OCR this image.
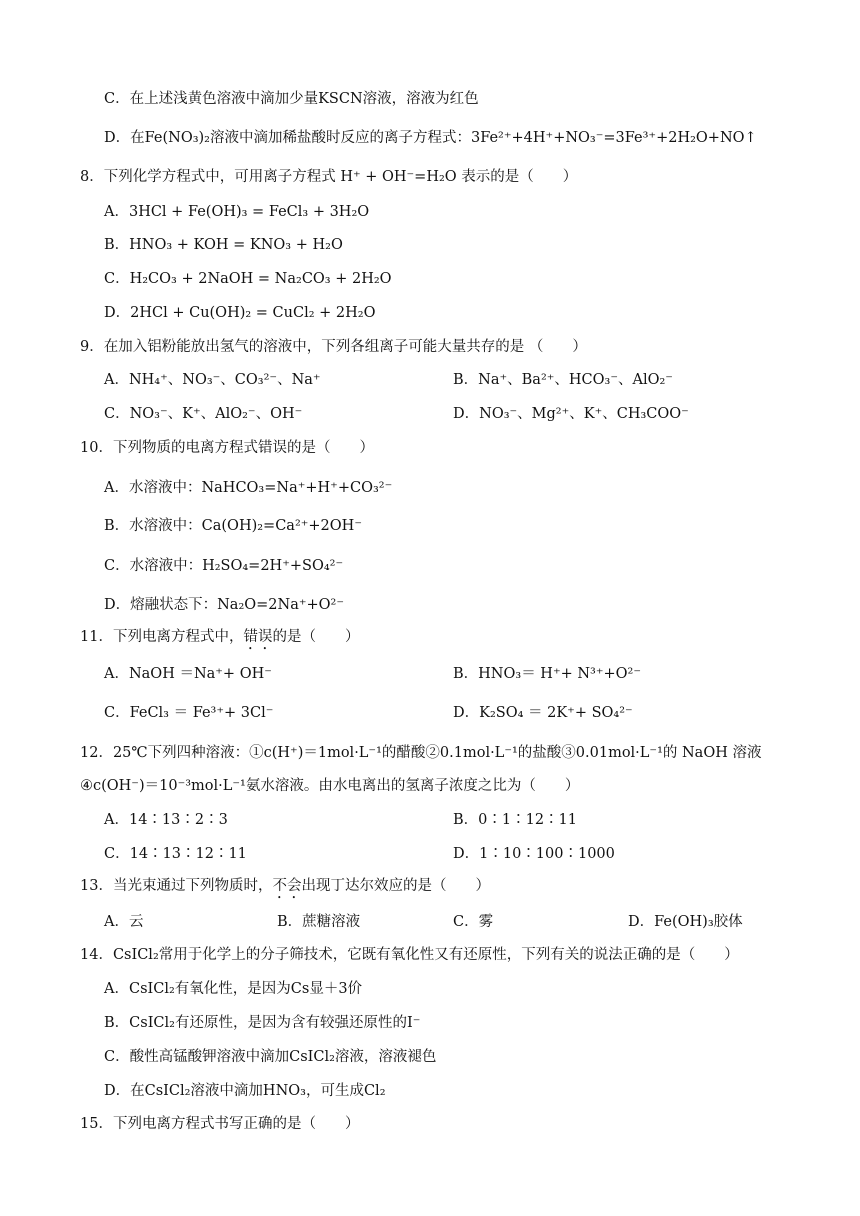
C．在上述浅黄色溶液中滴加少量KSCN溶液，溶液为红色
D．在Fe(NO₃)₂溶液中滴加稀盐酸时反应的离子方程式：3Fe²⁺+4H⁺+NO₃⁻=3Fe³⁺+2H₂O+NO↑
8．下列化学方程式中，可用离子方程式 H⁺ + OH⁻=H₂O 表示的是（　　）
A．3HCl + Fe(OH)₃ = FeCl₃ + 3H₂O
B．HNO₃ + KOH = KNO₃ + H₂O
C．H₂CO₃ + 2NaOH = Na₂CO₃ + 2H₂O
D．2HCl + Cu(OH)₂ = CuCl₂ + 2H₂O
9．在加入铝粉能放出氢气的溶液中，下列各组离子可能大量共存的是 （　　）
A．NH₄⁺、NO₃⁻、CO₃²⁻、Na⁺	B．Na⁺、Ba²⁺、HCO₃⁻、AlO₂⁻
C．NO₃⁻、K⁺、AlO₂⁻、OH⁻	D．NO₃⁻、Mg²⁺、K⁺、CH₃COO⁻
10．下列物质的电离方程式错误的是（　　）
A．水溶液中：NaHCO₃=Na⁺+H⁺+CO₃²⁻
B．水溶液中：Ca(OH)₂=Ca²⁺+2OH⁻
C．水溶液中：H₂SO₄=2H⁺+SO₄²⁻
D．熔融状态下：Na₂O=2Na⁺+O²⁻
11．下列电离方程式中，错误的是（　　）
A．NaOH ＝Na⁺+ OH⁻	B．HNO₃＝ H⁺+ N³⁺+O²⁻
C．FeCl₃ ＝ Fe³⁺+ 3Cl⁻	D．K₂SO₄ ＝ 2K⁺+ SO₄²⁻
12．25℃下列四种溶液：①c(H⁺)＝1mol·L⁻¹的醋酸②0.1mol·L⁻¹的盐酸③0.01mol·L⁻¹的 NaOH 溶液
④c(OH⁻)＝10⁻³mol·L⁻¹氨水溶液。由水电离出的氢离子浓度之比为（　　）
A．14∶13∶2∶3	B．0∶1∶12∶11
C．14∶13∶12∶11	D．1∶10∶100∶1000
13．当光束通过下列物质时，不会出现丁达尔效应的是（　　）
A．云	B．蔗糖溶液	C．雾	D．Fe(OH)₃胶体
14．CsICl₂常用于化学上的分子筛技术，它既有氧化性又有还原性，下列有关的说法正确的是（　　）
A．CsICl₂有氧化性，是因为Cs显＋3价
B．CsICl₂有还原性，是因为含有较强还原性的I⁻
C．酸性高锰酸钾溶液中滴加CsICl₂溶液，溶液褪色
D．在CsICl₂溶液中滴加HNO₃，可生成Cl₂
15．下列电离方程式书写正确的是（　　）
